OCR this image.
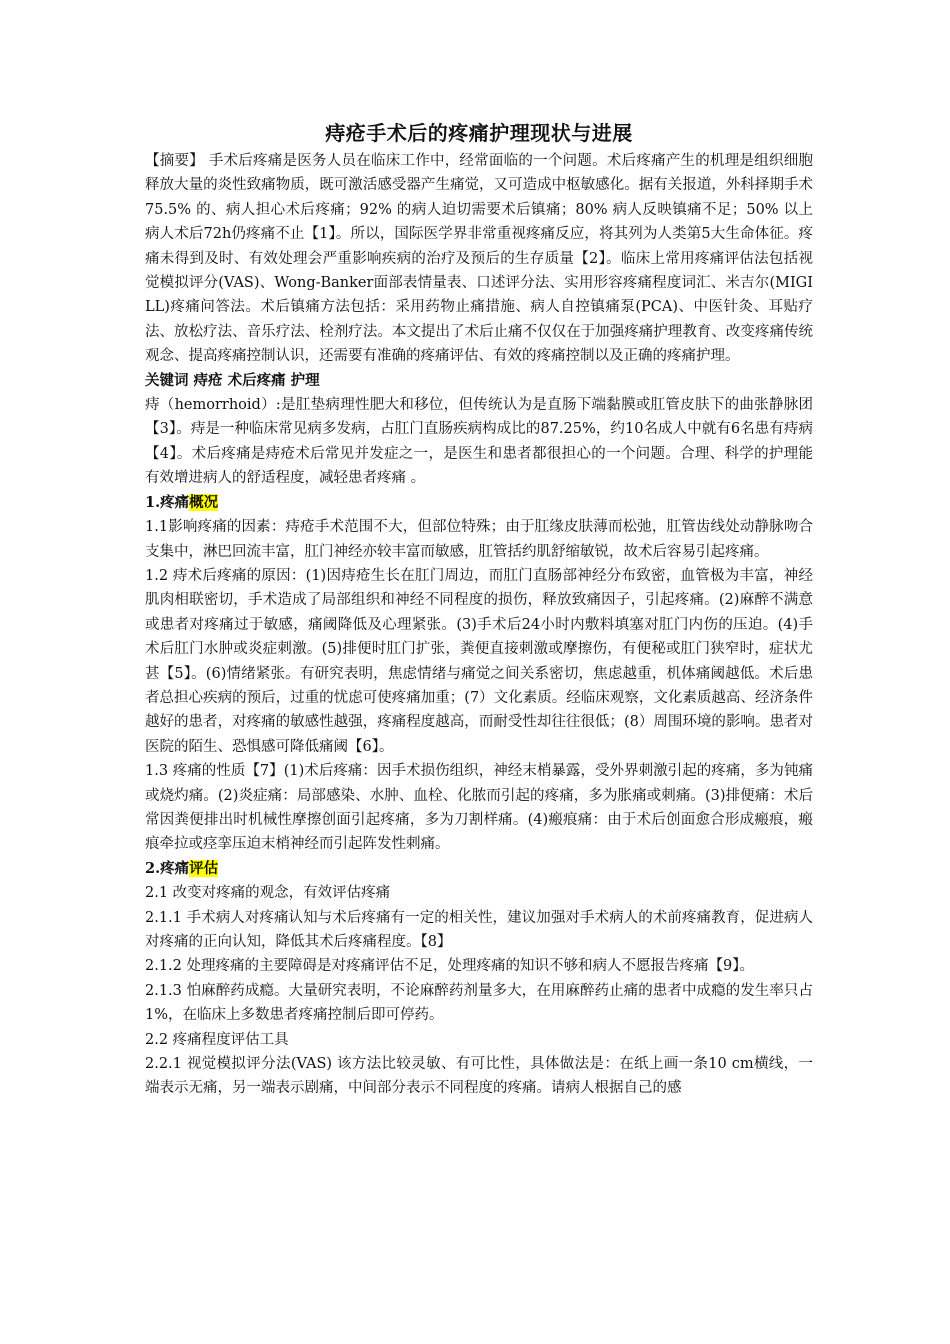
痔疮手术后的疼痛护理现状与进展

【摘要】 手术后疼痛是医务人员在临床工作中，经常面临的一个问题。术后疼痛产生的机理是组织细胞释放大量的炎性致痛物质，既可激活感受器产生痛觉，又可造成中枢敏感化。据有关报道，外科择期手术75.5% 的、病人担心术后疼痛；92% 的病人迫切需要术后镇痛；80% 病人反映镇痛不足；50% 以上病人术后72h仍疼痛不止【1】。所以，国际医学界非常重视疼痛反应，将其列为人类第5大生命体征。疼痛未得到及时、有效处理会严重影响疾病的治疗及预后的生存质量【2】。临床上常用疼痛评估法包括视觉模拟评分(VAS)、Wong-Banker面部表情量表、口述评分法、实用形容疼痛程度词汇、米吉尔(MIGILL)疼痛问答法。术后镇痛方法包括：采用药物止痛措施、病人自控镇痛泵(PCA)、中医针灸、耳贴疗法、放松疗法、音乐疗法、栓剂疗法。本文提出了术后止痛不仅仅在于加强疼痛护理教育、改变疼痛传统观念、提高疼痛控制认识，还需要有准确的疼痛评估、有效的疼痛控制以及正确的疼痛护理。

关键词 痔疮 术后疼痛 护理

痔（hemorrhoid）:是肛垫病理性肥大和移位，但传统认为是直肠下端黏膜或肛管皮肤下的曲张静脉团【3】。痔是一种临床常见病多发病，占肛门直肠疾病构成比的87.25%，约10名成人中就有6名患有痔病【4】。术后疼痛是痔疮术后常见并发症之一，是医生和患者都很担心的一个问题。合理、科学的护理能有效增进病人的舒适程度，减轻患者疼痛 。

1.疼痛概况

1.1影响疼痛的因素：痔疮手术范围不大，但部位特殊；由于肛缘皮肤薄而松弛，肛管齿线处动静脉吻合支集中，淋巴回流丰富，肛门神经亦较丰富而敏感，肛管括约肌舒缩敏锐，故术后容易引起疼痛。

1.2 痔术后疼痛的原因：(1)因痔疮生长在肛门周边，而肛门直肠部神经分布致密，血管极为丰富，神经肌肉相联密切，手术造成了局部组织和神经不同程度的损伤，释放致痛因子，引起疼痛。(2)麻醉不满意或患者对疼痛过于敏感，痛阈降低及心理紧张。(3)手术后24小时内敷料填塞对肛门内伤的压迫。(4)手术后肛门水肿或炎症刺激。(5)排便时肛门扩张，粪便直接刺激或摩擦伤，有便秘或肛门狭窄时，症状尤甚【5】。(6)情绪紧张。有研究表明，焦虑情绪与痛觉之间关系密切，焦虑越重，机体痛阈越低。术后患者总担心疾病的预后，过重的忧虑可使疼痛加重；(7）文化素质。经临床观察，文化素质越高、经济条件越好的患者，对疼痛的敏感性越强，疼痛程度越高，而耐受性却往往很低；(8）周围环境的影响。患者对医院的陌生、恐惧感可降低痛阈【6】。

1.3 疼痛的性质【7】(1)术后疼痛：因手术损伤组织，神经末梢暴露，受外界刺激引起的疼痛，多为钝痛或烧灼痛。(2)炎症痛：局部感染、水肿、血栓、化脓而引起的疼痛，多为胀痛或刺痛。(3)排便痛：术后常因粪便排出时机械性摩擦创面引起疼痛，多为刀割样痛。(4)瘢痕痛：由于术后创面愈合形成瘢痕，瘢痕牵拉或痉挛压迫末梢神经而引起阵发性刺痛。

2.疼痛评估

2.1 改变对疼痛的观念，有效评估疼痛

2.1.1 手术病人对疼痛认知与术后疼痛有一定的相关性，建议加强对手术病人的术前疼痛教育，促进病人对疼痛的正向认知，降低其术后疼痛程度。【8】

2.1.2 处理疼痛的主要障碍是对疼痛评估不足，处理疼痛的知识不够和病人不愿报告疼痛【9】。

2.1.3 怕麻醉药成瘾。大量研究表明，不论麻醉药剂量多大，在用麻醉药止痛的患者中成瘾的发生率只占1%，在临床上多数患者疼痛控制后即可停药。

2.2 疼痛程度评估工具

2.2.1 视觉模拟评分法(VAS) 该方法比较灵敏、有可比性，具体做法是：在纸上画一条10 cm横线，一端表示无痛，另一端表示剧痛，中间部分表示不同程度的疼痛。请病人根据自己的感
